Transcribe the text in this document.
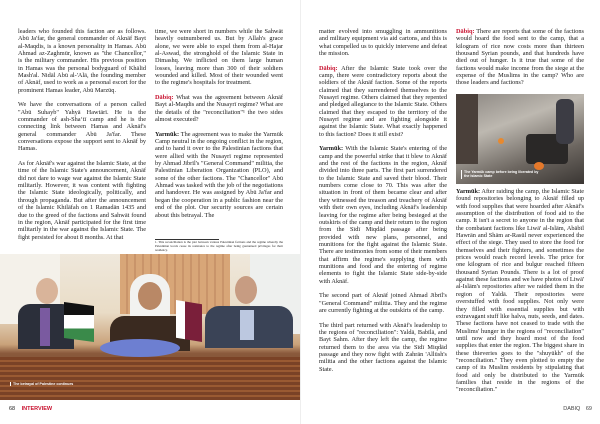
leaders who founded this faction are as follows. Abū Ja'far, the general commander of Aknāf Bayt al-Maqdis, is a known personality in Hamas. Abū Ahmad az-Zaghmūr, known as "the Chancellor," is the military commander. His previous position in Hamas was the personal bodyguard of Khālid Mash'al. Nidāl Abū al-'Alā, the founding member of Aknāf, used to work as a personal escort for the prominent Hamas leader, Abū Marzūq.

We have the conversations of a person called "Abū Suhayb" Yahyā Hawtārī. He is the commander of ash-Shaʻtī camp and he is the connecting link between Hamas and Aknāf's general commander Abū Ja'far. These conversations expose the support sent to Aknāf by Hamas.

As for Aknāf's war against the Islamic State, at the time of the Islamic State's announcement, Aknāf did not dare to wage war against the Islamic State militarily. However, it was content with fighting the Islamic State ideologically, politically, and through propaganda. But after the announcement of the Islamic Khilāfah on 1 Ramadān 1435 and due to the greed of the factions and Sahwāt found in the region, Aknāf participated for the first time militarily in the war against the Islamic State. The fight persisted for about 8 months. At that

time, we were short in numbers while the Sahwāt heavily outnumbered us. But by Allah's grace alone, we were able to expel them from al-Hajar al-Aswad, the stronghold of the Islamic State in Dimashq. We inflicted on them large human losses, leaving more than 300 of their soldiers wounded and killed. Most of their wounded went to the regime's hospitals for treatment.

Dābiq: What was the agreement between Aknāf Bayt al-Maqdis and the Nusayrī regime? What are the details of the "reconciliation"¹ the two sides almost executed?

Yarmūk: The agreement was to make the Yarmūk Camp neutral in the ongoing conflict in the region, and to hand it over to the Palestinian factions that were allied with the Nusayrī regime represented by Ahmad Jibrīl's "General Command" militia, the Palestinian Liberation Organization (PLO), and some of the other factions. The "Chancellor" Abū Ahmad was tasked with the job of the negotiations and handover. He was assigned by Abū Ja'far and began the cooperation in a public fashion near the end of the plot. Our security sources are certain about this betrayal. The

1. This reconciliation is the plot between various Palestinian factions and the regime whereby the Palestinian locals cease its resistance to the regime after being guaranteed privileges for their residency.
The betrayal of Palestine continues
68 INTERVIEW

matter evolved into smuggling in ammunitions and military equipment via aid cartons, and this is what compelled us to quickly intervene and defeat the mission.

Dābiq: After the Islamic State took over the camp, there were contradictory reports about the soldiers of the Aknāf faction. Some of the reports claimed that they surrendered themselves to the Nusayrī regime. Others claimed that they repented and pledged allegiance to the Islamic State. Others claimed that they escaped to the territory of the Nusayrī regime and are fighting alongside it against the Islamic State. What exactly happened to this faction? Does it still exist?

Yarmūk: With the Islamic State's entering of the camp and the powerful strike that it blew to Aknāf and the rest of the factions in the region, Aknāf divided into three parts. The first part surrendered to the Islamic State and saved their blood. Their numbers come close to 70. This was after the situation in front of them became clear and after they witnessed the treason and treachery of Aknāf with their own eyes, including Aknāf's leadership leaving for the regime after being besieged at the outskirts of the camp and their return to the region from the Sīdī Miqdād passage after being provided with new plans, personnel, and munitions for the fight against the Islamic State. There are testimonies from some of their members that affirm the regime's supplying them with munitions and food and the entering of regime elements to fight the Islamic State side-by-side with Aknāf.

The second part of Aknāf joined Ahmad Jibrīl's "General Command" militia. They and the regime are currently fighting at the outskirts of the camp.

The third part returned with Aknāf's leadership to the regions of "reconciliation": Yaldā, Babīlā, and Bayt Sahm. After they left the camp, the regime returned them to the area via the Sīdī Miqdād passage and they now fight with Zahrān 'Allūsh's militia and the other factions against the Islamic State.

Dābiq: There are reports that some of the factions would hoard the food sent to the camp, that a kilogram of rice now costs more than thirteen thousand Syrian pounds, and that hundreds have died out of hunger. Is it true that some of the factions would make income from the siege at the expense of the Muslims in the camp? Who are those leaders and factions?

The Yarmūk camp before being liberated by the Islamic State

Yarmūk: After raiding the camp, the Islamic State found repositories belonging to Aknāf filled up with food supplies that were hoarded after Aknāf's assumption of the distribution of food aid to the camp. It isn't a secret to anyone in the region that the combatant factions like Liwā' al-Islām, Abābīl Hawrān and Shām ar-Rasūl never experienced the effect of the siege. They used to store the food for themselves and their fighters, and sometimes the prices would reach record levels. The price for one kilogram of rice and bulgur reached fifteen thousand Syrian Pounds. There is a lot of proof against these factions and we have photos of Liwā' al-Islām's repositories after we raided them in the region of Yaldā. Their repositories were overstuffed with food supplies. Not only were they filled with essential supplies but with extravagant stuff like halva, nuts, seeds, and dates. These factions have not ceased to trade with the Muslims' hunger in the regions of "reconciliation" until now and they hoard most of the food supplies that enter the region. The biggest share in these thieveries goes to the "shuyūkh" of the "reconciliation." They even plotted to empty the camp of its Muslim residents by stipulating that food aid only be distributed to the Yarmūk families that reside in the regions of the "reconciliation."

DABIQ 69
